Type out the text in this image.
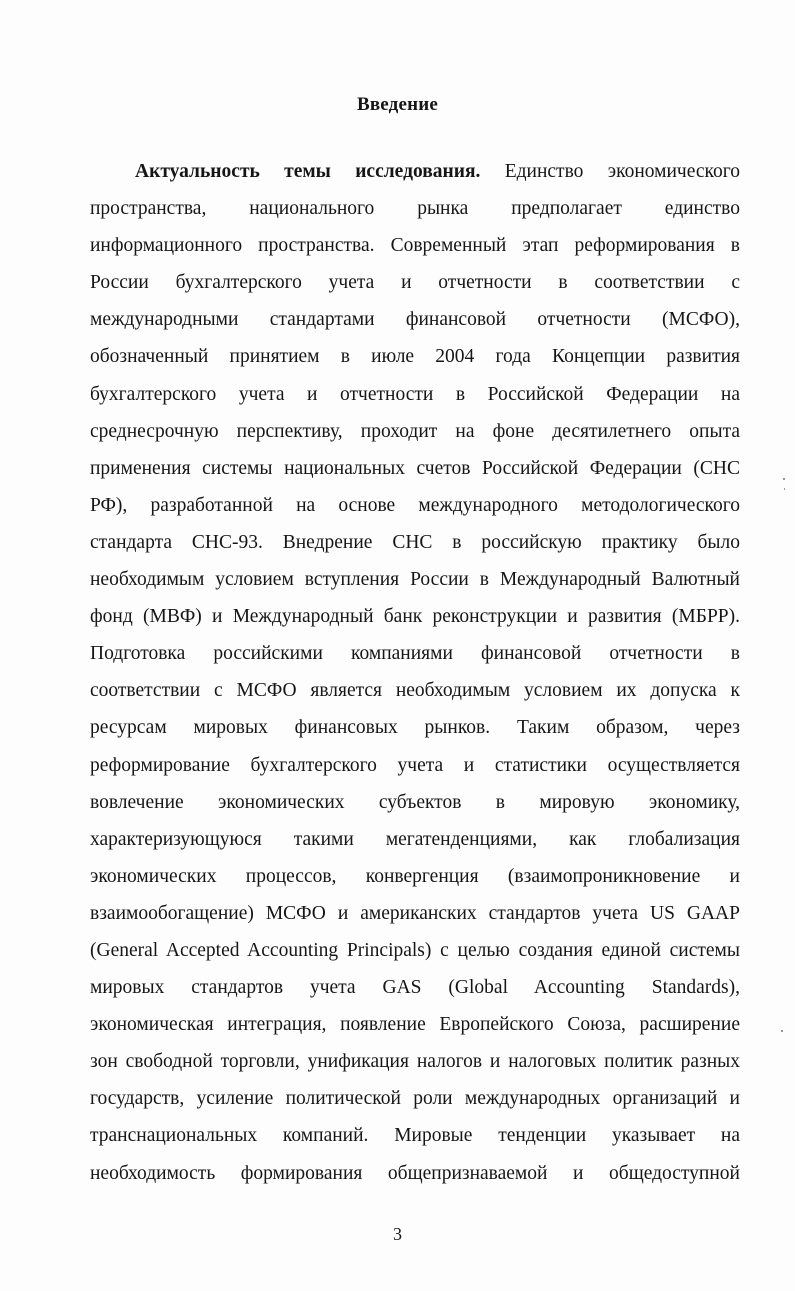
Введение
Актуальность темы исследования. Единство экономического
пространства, национального рынка предполагает единство
информационного пространства. Современный этап реформирования в
России бухгалтерского учета и отчетности в соответствии с
международными стандартами финансовой отчетности (МСФО),
обозначенный принятием в июле 2004 года Концепции развития
бухгалтерского учета и отчетности в Российской Федерации на
среднесрочную перспективу, проходит на фоне десятилетнего опыта
применения системы национальных счетов Российской Федерации (СНС
РФ), разработанной на основе международного методологического
стандарта СНС-93. Внедрение СНС в российскую практику было
необходимым условием вступления России в Международный Валютный
фонд (МВФ) и Международный банк реконструкции и развития (МБРР).
Подготовка российскими компаниями финансовой отчетности в
соответствии с МСФО является необходимым условием их допуска к
ресурсам мировых финансовых рынков. Таким образом, через
реформирование бухгалтерского учета и статистики осуществляется
вовлечение экономических субъектов в мировую экономику,
характеризующуюся такими мегатенденциями, как глобализация
экономических процессов, конвергенция (взаимопроникновение и
взаимообогащение) МСФО и американских стандартов учета US GAAP
(General Accepted Accounting Principals) с целью создания единой системы
мировых стандартов учета GAS (Global Accounting Standards),
экономическая интеграция, появление Европейского Союза, расширение
зон свободной торговли, унификация налогов и налоговых политик разных
государств, усиление политической роли международных организаций и
транснациональных компаний. Мировые тенденции указывает на
необходимость формирования общепризнаваемой и общедоступной
3
